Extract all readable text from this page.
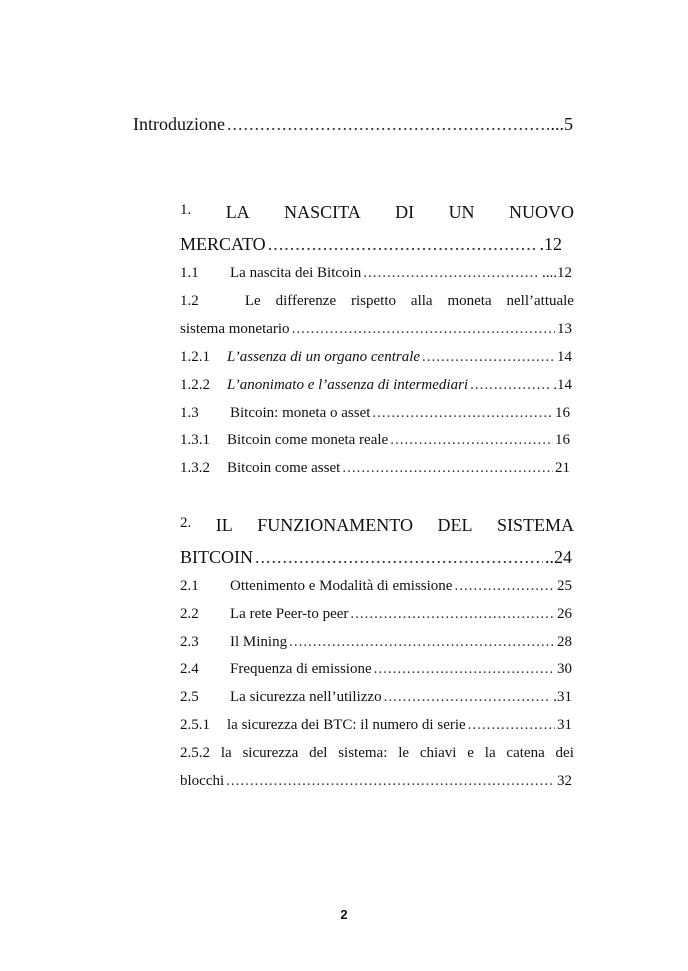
Introduzione .....	...5
1. LA NASCITA DI UN NUOVO
MERCATO .....	.12
1.1	La nascita dei Bitcoin .....	....12
1.2	Le differenze rispetto alla moneta nell’attuale
sistema monetario .....	13
1.2.1	L’assenza di un organo centrale .....	14
1.2.2	L’anonimato e l’assenza di intermediari .....	.14
1.3	Bitcoin: moneta o asset .....	16
1.3.1	Bitcoin come moneta reale .....	16
1.3.2	Bitcoin come asset .....	21
2. IL FUNZIONAMENTO DEL SISTEMA
BITCOIN .....	..24
2.1	Ottenimento e Modalità di emissione .....	25
2.2	La rete Peer-to peer .....	26
2.3	Il Mining .....	28
2.4	Frequenza di emissione .....	30
2.5	La sicurezza nell’utilizzo .....	.31
2.5.1	la sicurezza dei BTC: il numero di serie .....	31
2.5.2 la sicurezza del sistema: le chiavi e la catena dei
blocchi .....	32
2
